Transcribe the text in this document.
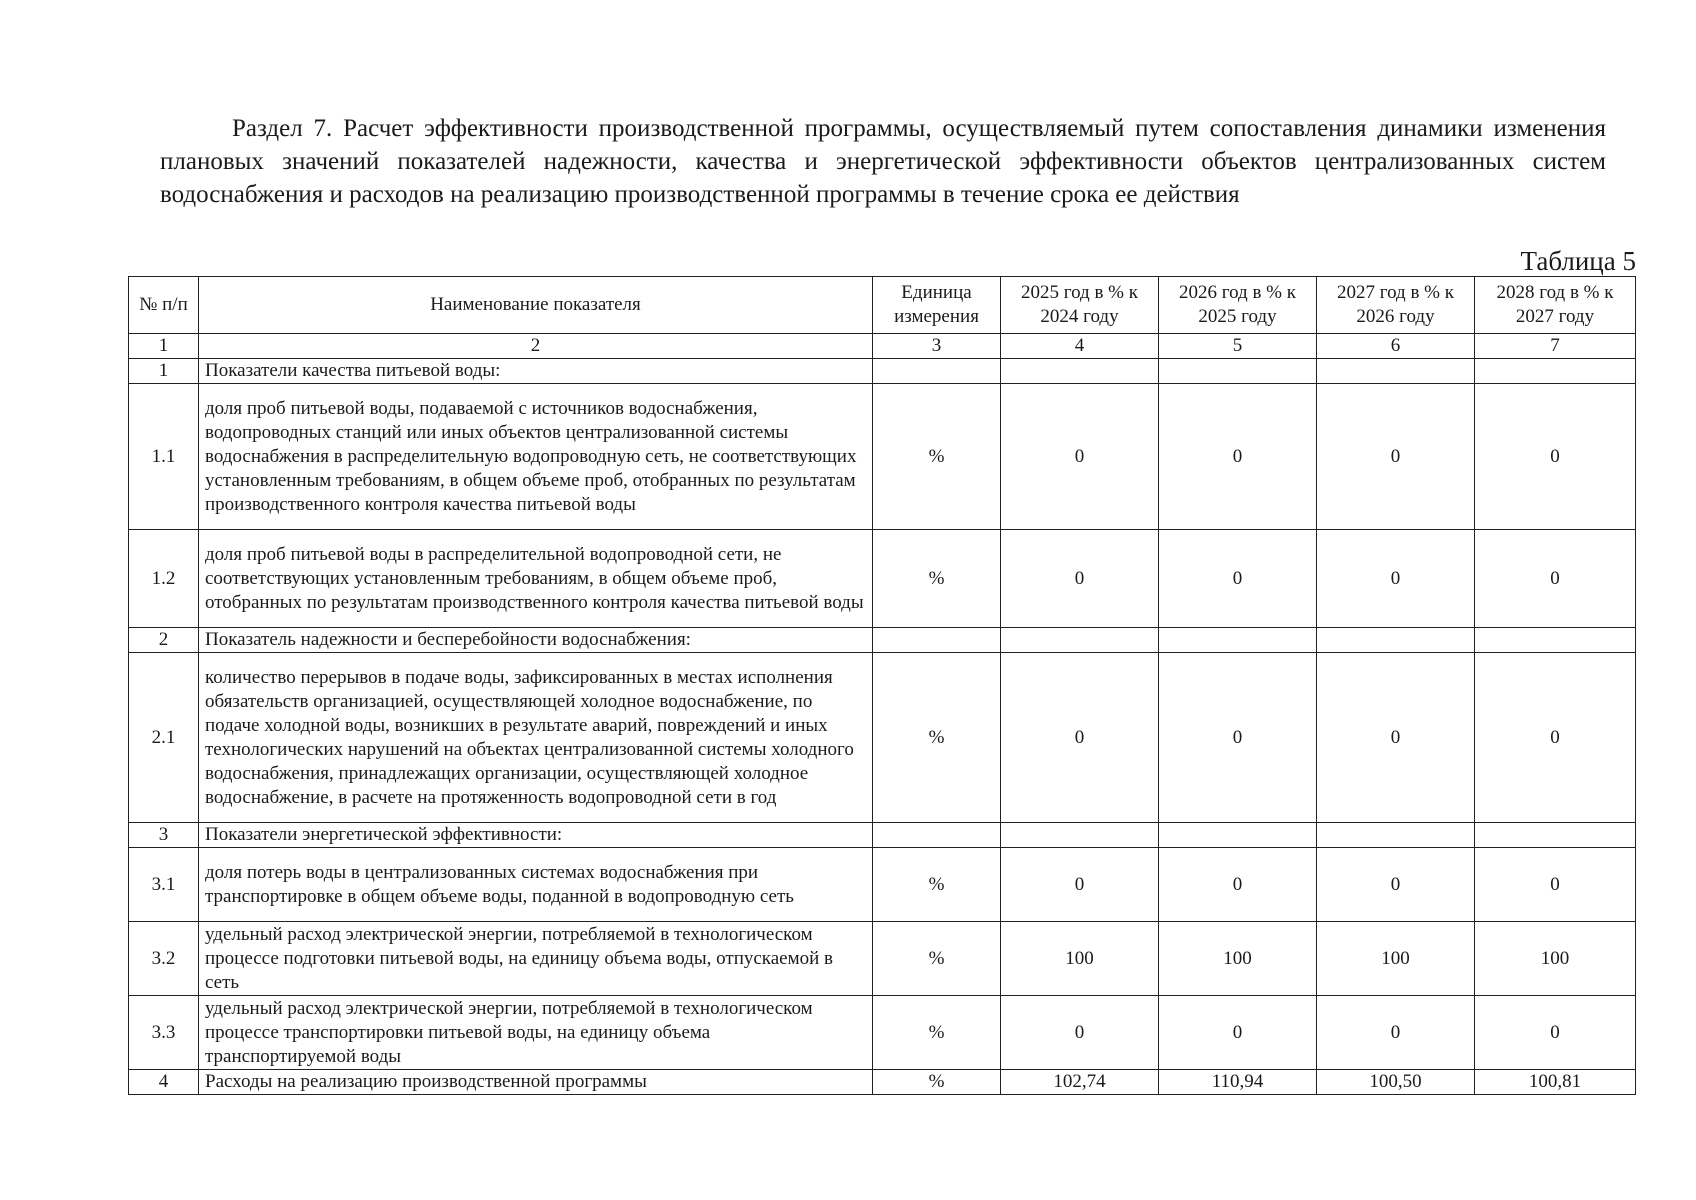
Раздел 7. Расчет эффективности производственной программы, осуществляемый путем сопоставления динамики изменения плановых значений показателей надежности, качества и энергетической эффективности объектов централизованных систем водоснабжения и расходов на реализацию производственной программы в течение срока ее действия
Таблица 5
№ п/п	Наименование показателя	Единица измерения	2025 год в % к 2024 году	2026 год в % к 2025 году	2027 год в % к 2026 году	2028 год в % к 2027 году
1	2	3	4	5	6	7
1	Показатели качества питьевой воды:					
1.1	доля проб питьевой воды, подаваемой с источников водоснабжения, водопроводных станций или иных объектов централизованной системы водоснабжения в распределительную водопроводную сеть, не соответствующих установленным требованиям, в общем объеме проб, отобранных по результатам производственного контроля качества питьевой воды	%	0	0	0	0
1.2	доля проб питьевой воды в распределительной водопроводной сети, не соответствующих установленным требованиям, в общем объеме проб, отобранных по результатам производственного контроля качества питьевой воды	%	0	0	0	0
2	Показатель надежности и бесперебойности водоснабжения:					
2.1	количество перерывов в подаче воды, зафиксированных в местах исполнения обязательств организацией, осуществляющей холодное водоснабжение, по подаче холодной воды, возникших в результате аварий, повреждений и иных технологических нарушений на объектах централизованной системы холодного водоснабжения, принадлежащих организации, осуществляющей холодное водоснабжение, в расчете на протяженность водопроводной сети в год	%	0	0	0	0
3	Показатели энергетической эффективности:					
3.1	доля потерь воды в централизованных системах водоснабжения при транспортировке в общем объеме воды, поданной в водопроводную сеть	%	0	0	0	0
3.2	удельный расход электрической энергии, потребляемой в технологическом процессе подготовки питьевой воды, на единицу объема воды, отпускаемой в сеть	%	100	100	100	100
3.3	удельный расход электрической энергии, потребляемой в технологическом процессе транспортировки питьевой воды, на единицу объема транспортируемой воды	%	0	0	0	0
4	Расходы на реализацию производственной программы	%	102,74	110,94	100,50	100,81
